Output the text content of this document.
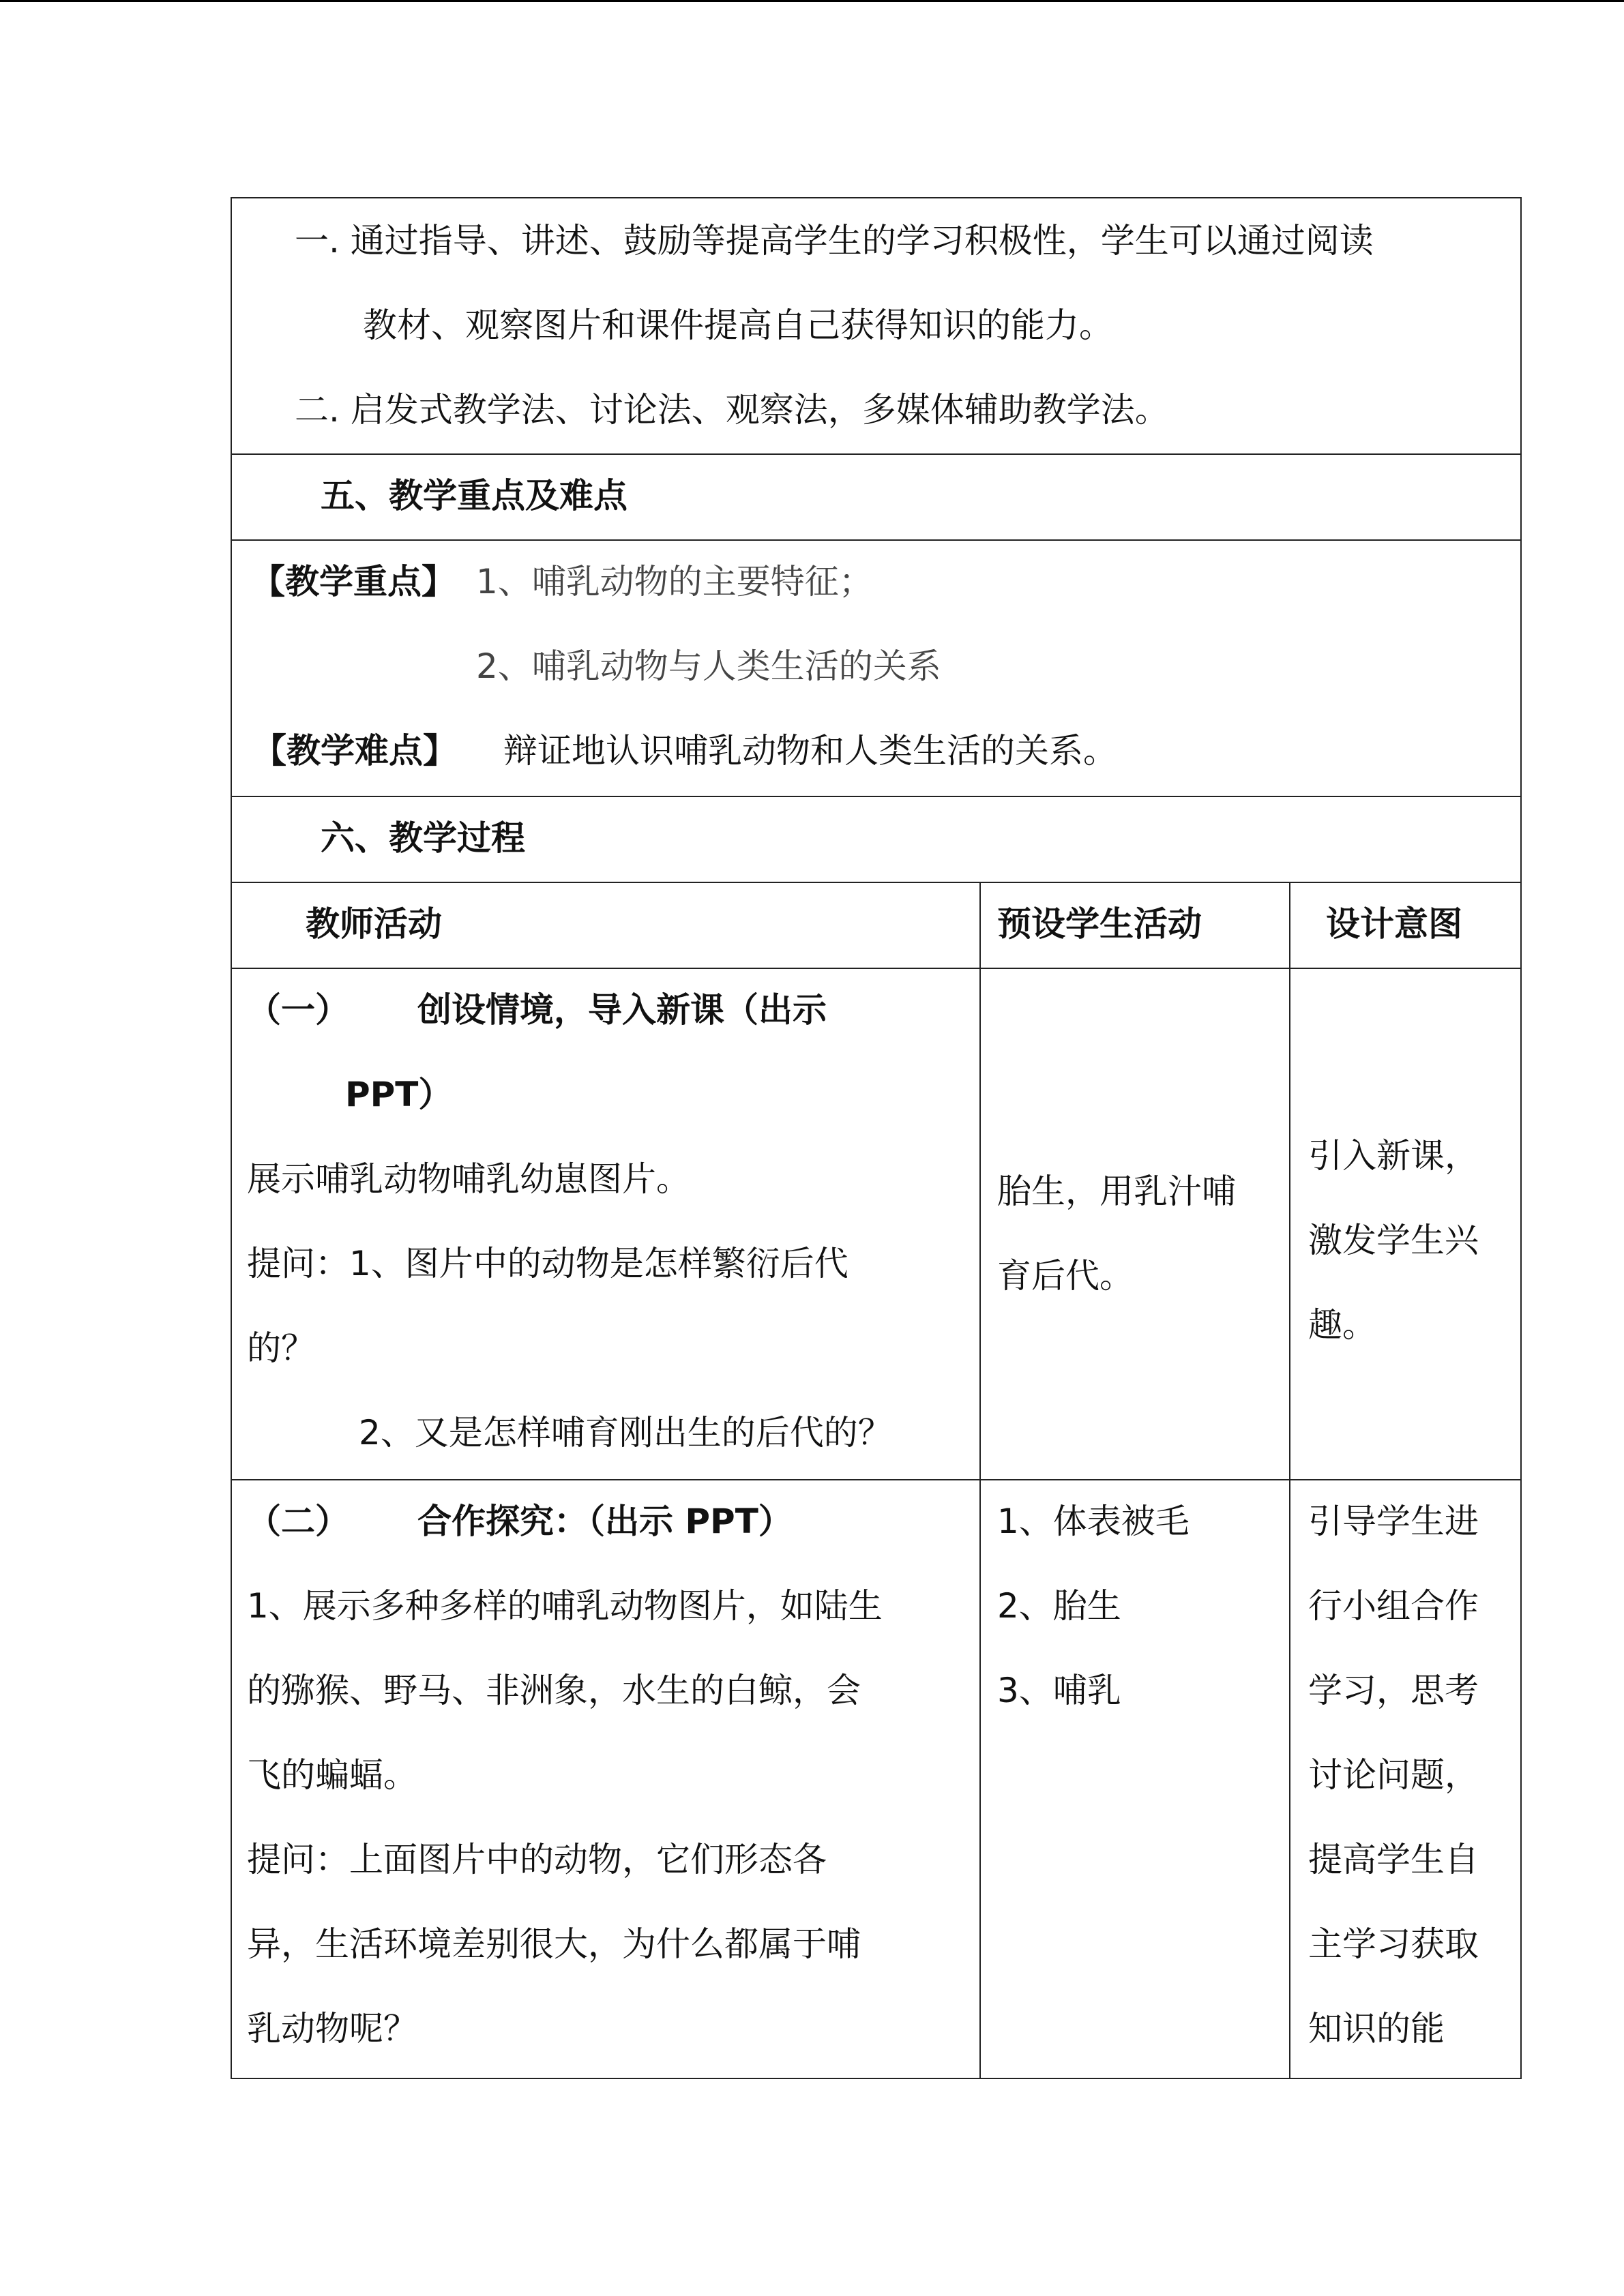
一. 通过指导、讲述、鼓励等提高学生的学习积极性，学生可以通过阅读
教材、观察图片和课件提高自己获得知识的能力。
二. 启发式教学法、讨论法、观察法，多媒体辅助教学法。
五、教学重点及难点
【教学重点】 1、哺乳动物的主要特征；
2、哺乳动物与人类生活的关系
【教学难点】 辩证地认识哺乳动物和人类生活的关系。
六、教学过程
教师活动	预设学生活动	设计意图
（一） 创设情境，导入新课（出示
PPT）
展示哺乳动物哺乳幼崽图片。
提问：1、图片中的动物是怎样繁衍后代
的？
2、又是怎样哺育刚出生的后代的？
胎生，用乳汁哺
育后代。
引入新课，
激发学生兴
趣。
（二） 合作探究：（出示 PPT）
1、展示多种多样的哺乳动物图片，如陆生
的猕猴、野马、非洲象，水生的白鲸，会
飞的蝙蝠。
提问：上面图片中的动物，它们形态各
异，生活环境差别很大，为什么都属于哺
乳动物呢？
1、体表被毛
2、胎生
3、哺乳
引导学生进
行小组合作
学习，思考
讨论问题，
提高学生自
主学习获取
知识的能
